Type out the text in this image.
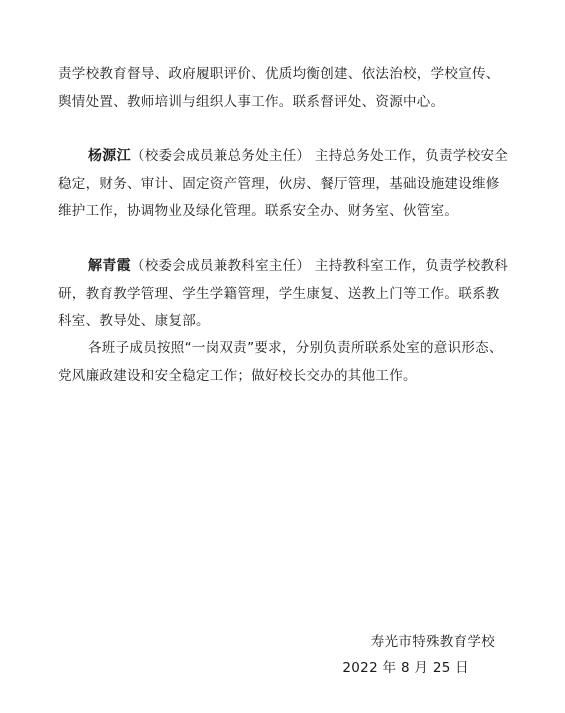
责学校教育督导、政府履职评价、优质均衡创建、依法治校，学校宣传、舆情处置、教师培训与组织人事工作。联系督评处、资源中心。

杨源江（校委会成员兼总务处主任） 主持总务处工作，负责学校安全稳定，财务、审计、固定资产管理，伙房、餐厅管理，基础设施建设维修维护工作，协调物业及绿化管理。联系安全办、财务室、伙管室。

解青霞（校委会成员兼教科室主任） 主持教科室工作，负责学校教科研，教育教学管理、学生学籍管理，学生康复、送教上门等工作。联系教科室、教导处、康复部。

各班子成员按照“一岗双责”要求，分别负责所联系处室的意识形态、党风廉政建设和安全稳定工作；做好校长交办的其他工作。

寿光市特殊教育学校
2022 年 8 月 25 日
